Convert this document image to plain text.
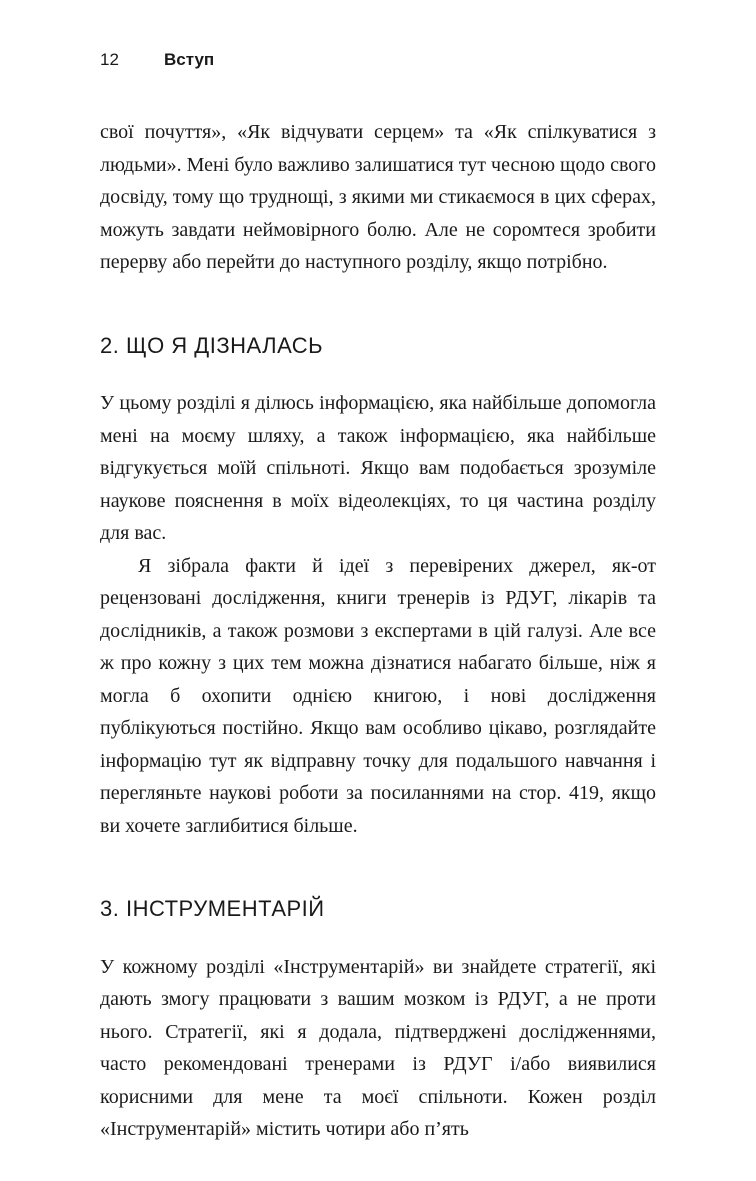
12	Вступ

свої почуття», «Як відчувати серцем» та «Як спілкуватися з людьми». Мені було важливо залишатися тут чесною щодо свого досвіду, тому що труднощі, з якими ми стикаємося в цих сферах, можуть завдати неймовірного болю. Але не соромтеся зробити перерву або перейти до наступного розділу, якщо потрібно.

2. ЩО Я ДІЗНАЛАСЬ

У цьому розділі я ділюсь інформацією, яка найбільше допомогла мені на моєму шляху, а також інформацією, яка найбільше відгукується моїй спільноті. Якщо вам подобається зрозуміле наукове пояснення в моїх відеолекціях, то ця частина розділу для вас.

Я зібрала факти й ідеї з перевірених джерел, як-от рецензовані дослідження, книги тренерів із РДУГ, лікарів та дослідників, а також розмови з експертами в цій галузі. Але все ж про кожну з цих тем можна дізнатися набагато більше, ніж я могла б охопити однією книгою, і нові дослідження публікуються постійно. Якщо вам особливо цікаво, розглядайте інформацію тут як відправну точку для подальшого навчання і перегляньте наукові роботи за посиланнями на стор. 419, якщо ви хочете заглибитися більше.

3. ІНСТРУМЕНТАРІЙ

У кожному розділі «Інструментарій» ви знайдете стратегії, які дають змогу працювати з вашим мозком із РДУГ, а не проти нього. Стратегії, які я додала, підтверджені дослідженнями, часто рекомендовані тренерами із РДУГ і/або виявилися корисними для мене та моєї спільноти. Кожен розділ «Інструментарій» містить чотири або п’ять
